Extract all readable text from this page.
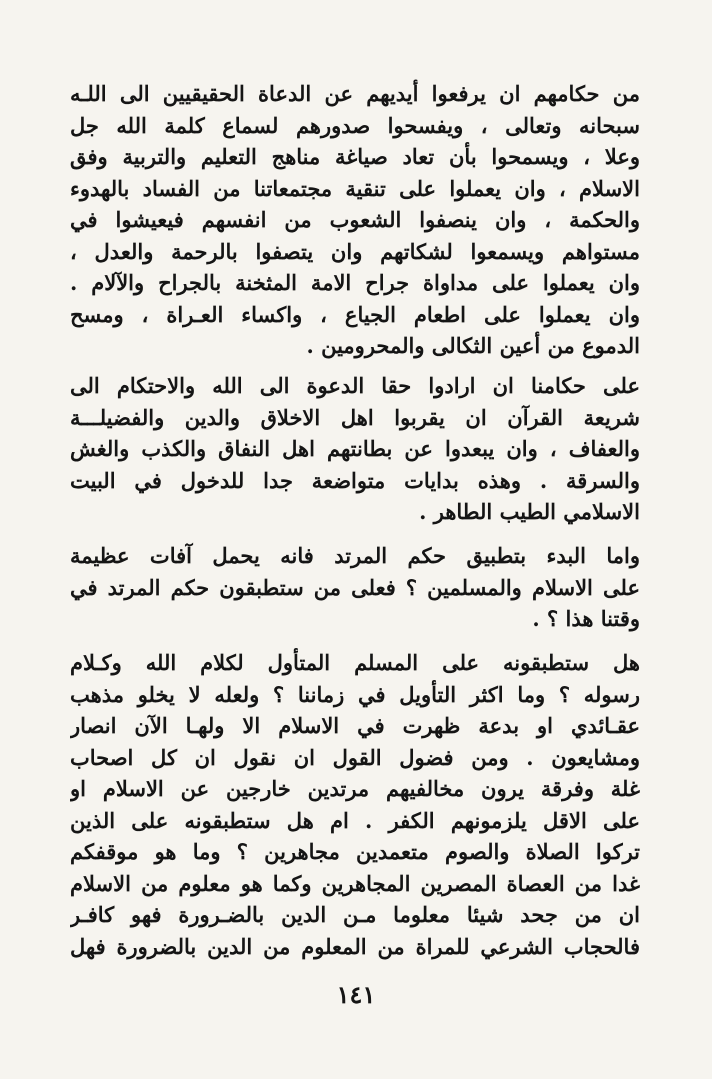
من حكامهم ان يرفعوا أيديهم عن الدعاة الحقيقيين الى اللـه
سبحانه وتعالى ، ويفسحوا صدورهم لسماع كلمة الله جل
وعلا ، ويسمحوا بأن تعاد صياغة مناهج التعليم والتربية وفق
الاسلام ، وان يعملوا على تنقية مجتمعاتنا من الفساد بالهدوء
والحكمة ، وان ينصفوا الشعوب من انفسهم فيعيشوا في
مستواهم ويسمعوا لشكاتهم وان يتصفوا بالرحمة والعدل ،
وان يعملوا على مداواة جراح الامة المثخنة بالجراح والآلام .
وان يعملوا على اطعام الجياع ، واكساء العـراة ، ومسح
الدموع من أعين الثكالى والمحرومين .
على حكامنا ان ارادوا حقا الدعوة الى الله والاحتكام الى
شريعة القرآن ان يقربوا اهل الاخلاق والدين والفضيلـــة
والعفاف ، وان يبعدوا عن بطانتهم اهل النفاق والكذب والغش
والسرقة . وهذه بدايات متواضعة جدا للدخول في البيت
الاسلامي الطيب الطاهر .
واما البدء بتطبيق حكم المرتد فانه يحمل آفات عظيمة
على الاسلام والمسلمين ؟ فعلى من ستطبقون حكم المرتد في
وقتنا هذا ؟ .
هل ستطبقونه على المسلم المتأول لكلام الله وكـلام
رسوله ؟ وما اكثر التأويل في زماننا ؟ ولعله لا يخلو مذهب
عقـائدي او بدعة ظهرت في الاسلام الا ولهـا الآن انصار
ومشايعون . ومن فضول القول ان نقول ان كل اصحاب
غلة وفرقة يرون مخالفيهم مرتدين خارجين عن الاسلام او
على الاقل يلزمونهم الكفر . ام هل ستطبقونه على الذين
تركوا الصلاة والصوم متعمدين مجاهرين ؟ وما هو موقفكم
غدا من العصاة المصرين المجاهرين وكما هو معلوم من الاسلام
ان من جحد شيئا معلوما مـن الدين بالضـرورة فهو كافـر
فالحجاب الشرعي للمراة من المعلوم من الدين بالضرورة فهل
١٤١
